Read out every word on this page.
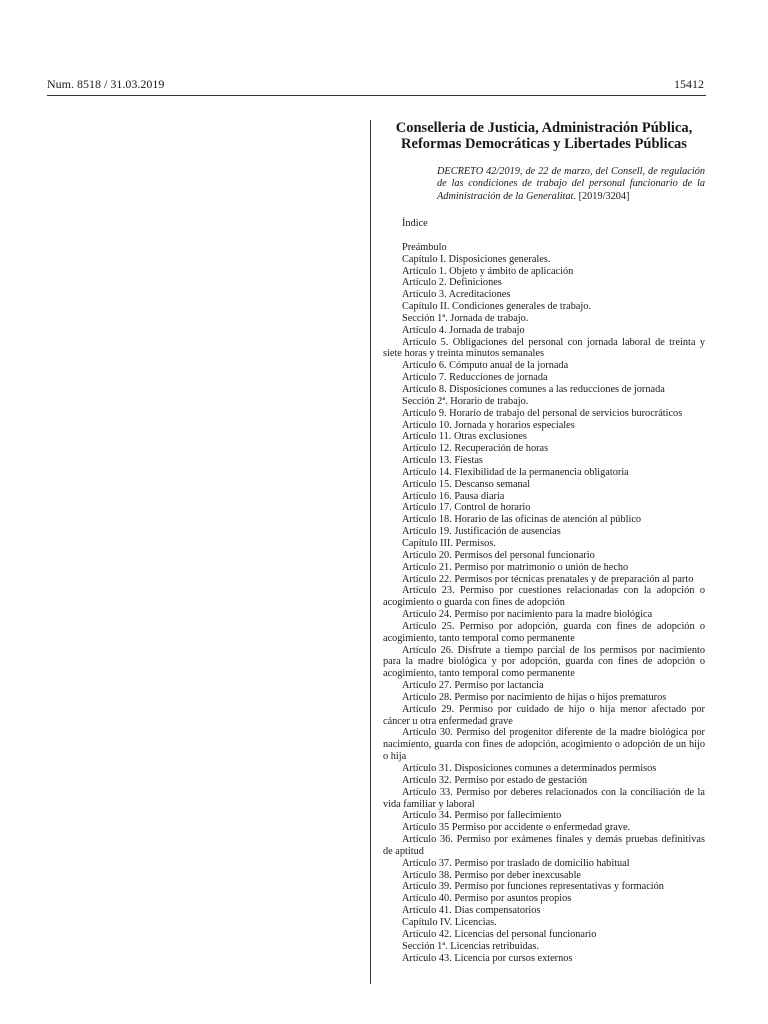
Num. 8518 / 31.03.2019	15412

Conselleria de Justicia, Administración Pública,
Reformas Democráticas y Libertades Públicas

DECRETO 42/2019, de 22 de marzo, del Consell, de regulación de las condiciones de trabajo del personal funcionario de la Administración de la Generalitat. [2019/3204]

Índice

Preámbulo

Capítulo I. Disposiciones generales.

Artículo 1. Objeto y ámbito de aplicación

Artículo 2. Definiciones

Artículo 3. Acreditaciones

Capítulo II. Condiciones generales de trabajo.

Sección 1ª. Jornada de trabajo.

Artículo 4. Jornada de trabajo

Artículo 5. Obligaciones del personal con jornada laboral de treinta y siete horas y treinta minutos semanales

Artículo 6. Cómputo anual de la jornada

Artículo 7. Reducciones de jornada

Artículo 8. Disposiciones comunes a las reducciones de jornada

Sección 2ª. Horario de trabajo.

Artículo 9. Horario de trabajo del personal de servicios burocráticos

Artículo 10. Jornada y horarios especiales

Artículo 11. Otras exclusiones

Artículo 12. Recuperación de horas

Artículo 13. Fiestas

Artículo 14. Flexibilidad de la permanencia obligatoria

Artículo 15. Descanso semanal

Artículo 16. Pausa diaria

Artículo 17. Control de horario

Artículo 18. Horario de las oficinas de atención al público

Artículo 19. Justificación de ausencias

Capítulo III. Permisos.

Artículo 20. Permisos del personal funcionario

Artículo 21. Permiso por matrimonio o unión de hecho

Artículo 22. Permisos por técnicas prenatales y de preparación al parto

Artículo 23. Permiso por cuestiones relacionadas con la adopción o acogimiento o guarda con fines de adopción

Artículo 24. Permiso por nacimiento para la madre biológica

Artículo 25. Permiso por adopción, guarda con fines de adopción o acogimiento, tanto temporal como permanente

Artículo 26. Disfrute a tiempo parcial de los permisos por nacimiento para la madre biológica y por adopción, guarda con fines de adopción o acogimiento, tanto temporal como permanente

Artículo 27. Permiso por lactancia

Artículo 28. Permiso por nacimiento de hijas o hijos prematuros

Artículo 29. Permiso por cuidado de hijo o hija menor afectado por cáncer u otra enfermedad grave

Artículo 30. Permiso del progenitor diferente de la madre biológica por nacimiento, guarda con fines de adopción, acogimiento o adopción de un hijo o hija

Artículo 31. Disposiciones comunes a determinados permisos

Artículo 32. Permiso por estado de gestación

Artículo 33. Permiso por deberes relacionados con la conciliación de la vida familiar y laboral

Artículo 34. Permiso por fallecimiento

Artículo 35 Permiso por accidente o enfermedad grave.

Artículo 36. Permiso por exámenes finales y demás pruebas definitivas de aptitud

Artículo 37. Permiso por traslado de domicilio habitual

Artículo 38. Permiso por deber inexcusable

Artículo 39. Permiso por funciones representativas y formación

Artículo 40. Permiso por asuntos propios

Artículo 41. Días compensatorios

Capítulo IV. Licencias.

Artículo 42. Licencias del personal funcionario

Sección 1ª. Licencias retribuidas.

Artículo 43. Licencia por cursos externos
